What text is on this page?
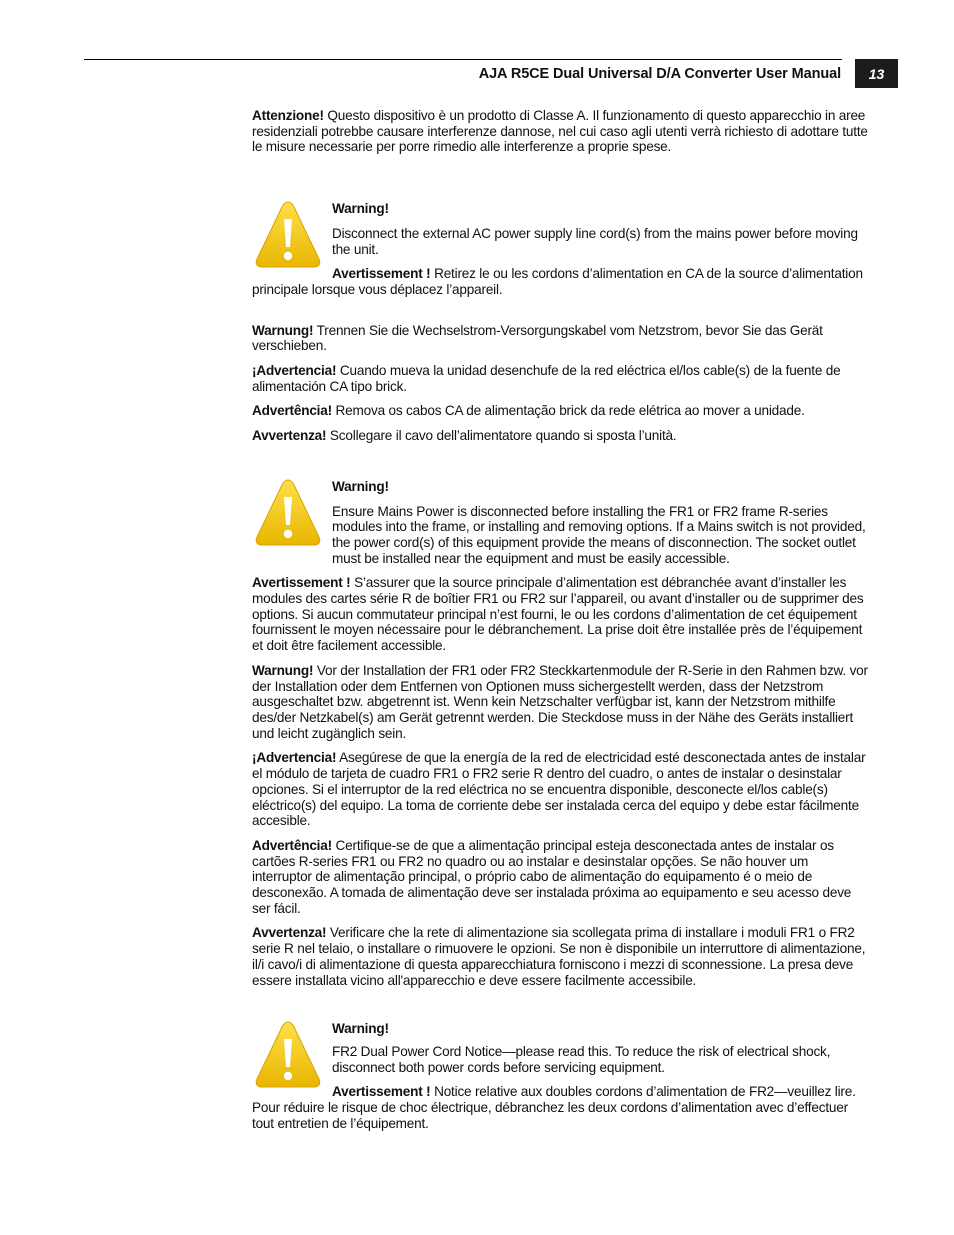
AJA R5CE Dual Universal D/A Converter User Manual	13

Attenzione! Questo dispositivo è un prodotto di Classe A. Il funzionamento di questo apparecchio in aree residenziali potrebbe causare interferenze dannose, nel cui caso agli utenti verrà richiesto di adottare tutte le misure necessarie per porre rimedio alle interferenze a proprie spese.

Warning!

Disconnect the external AC power supply line cord(s) from the mains power before moving the unit.

Avertissement ! Retirez le ou les cordons d’alimentation en CA de la source d’alimentation principale lorsque vous déplacez l’appareil.

Warnung! Trennen Sie die Wechselstrom-Versorgungskabel vom Netzstrom, bevor Sie das Gerät verschieben.

¡Advertencia! Cuando mueva la unidad desenchufe de la red eléctrica el/los cable(s) de la fuente de alimentación CA tipo brick.

Advertência! Remova os cabos CA de alimentação brick da rede elétrica ao mover a unidade.

Avvertenza! Scollegare il cavo dell’alimentatore quando si sposta l’unità.

Warning!

Ensure Mains Power is disconnected before installing the FR1 or FR2 frame R-series modules into the frame, or installing and removing options. If a Mains switch is not provided, the power cord(s) of this equipment provide the means of disconnection. The socket outlet must be installed near the equipment and must be easily accessible.

Avertissement ! S’assurer que la source principale d’alimentation est débranchée avant d’installer les modules des cartes série R de boîtier FR1 ou FR2 sur l’appareil, ou avant d’installer ou de supprimer des options. Si aucun commutateur principal n’est fourni, le ou les cordons d’alimentation de cet équipement fournissent le moyen nécessaire pour le débranchement. La prise doit être installée près de l’équipement et doit être facilement accessible.

Warnung! Vor der Installation der FR1 oder FR2 Steckkartenmodule der R-Serie in den Rahmen bzw. vor der Installation oder dem Entfernen von Optionen muss sichergestellt werden, dass der Netzstrom ausgeschaltet bzw. abgetrennt ist. Wenn kein Netzschalter verfügbar ist, kann der Netzstrom mithilfe des/der Netzkabel(s) am Gerät getrennt werden. Die Steckdose muss in der Nähe des Geräts installiert und leicht zugänglich sein.

¡Advertencia! Asegúrese de que la energía de la red de electricidad esté desconectada antes de instalar el módulo de tarjeta de cuadro FR1 o FR2 serie R dentro del cuadro, o antes de instalar o desinstalar opciones. Si el interruptor de la red eléctrica no se encuentra disponible, desconecte el/los cable(s) eléctrico(s) del equipo. La toma de corriente debe ser instalada cerca del equipo y debe estar fácilmente accesible.

Advertência! Certifique-se de que a alimentação principal esteja desconectada antes de instalar os cartões R-series FR1 ou FR2 no quadro ou ao instalar e desinstalar opções. Se não houver um interruptor de alimentação principal, o próprio cabo de alimentação do equipamento é o meio de desconexão. A tomada de alimentação deve ser instalada próxima ao equipamento e seu acesso deve ser fácil.

Avvertenza! Verificare che la rete di alimentazione sia scollegata prima di installare i moduli FR1 o FR2 serie R nel telaio, o installare o rimuovere le opzioni. Se non è disponibile un interruttore di alimentazione, il/i cavo/i di alimentazione di questa apparecchiatura forniscono i mezzi di sconnessione. La presa deve essere installata vicino all'apparecchio e deve essere facilmente accessibile.

Warning!

FR2 Dual Power Cord Notice—please read this. To reduce the risk of electrical shock, disconnect both power cords before servicing equipment.

Avertissement ! Notice relative aux doubles cordons d’alimentation de FR2—veuillez lire. Pour réduire le risque de choc électrique, débranchez les deux cordons d’alimentation avec d’effectuer tout entretien de l’équipement.
